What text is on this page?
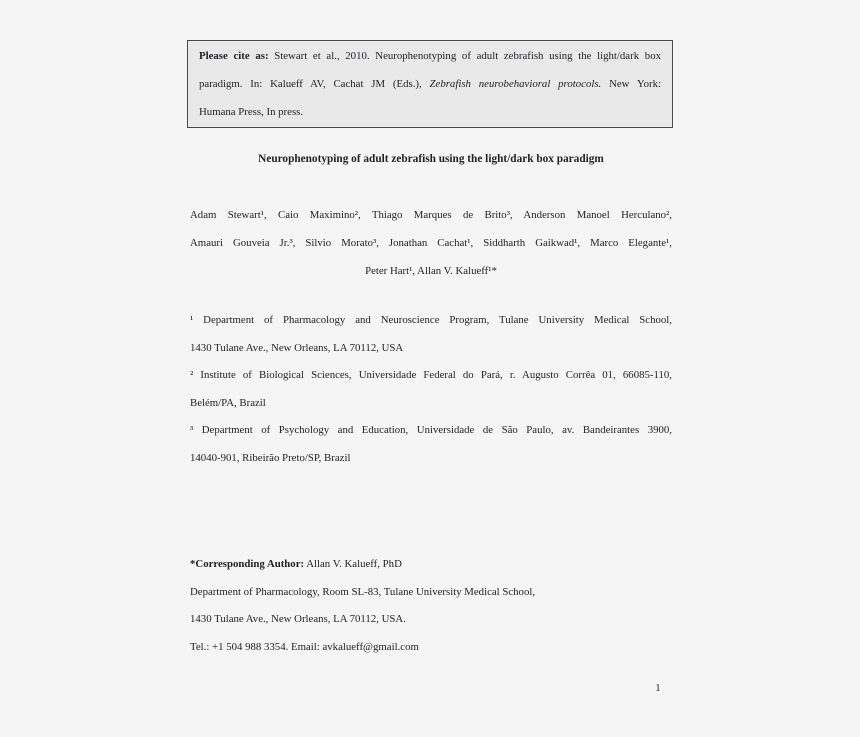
Please cite as: Stewart et al., 2010. Neurophenotyping of adult zebrafish using the light/dark box
paradigm. In: Kalueff AV, Cachat JM (Eds.), Zebrafish neurobehavioral protocols. New York:
Humana Press, In press.
Neurophenotyping of adult zebrafish using the light/dark box paradigm
Adam Stewart¹, Caio Maximino², Thiago Marques de Brito³, Anderson Manoel Herculano²,
Amauri Gouveia Jr.³, Silvio Morato³, Jonathan Cachat¹, Siddharth Gaikwad¹, Marco Elegante¹,
Peter Hart¹, Allan V. Kalueff¹*
¹ Department of Pharmacology and Neuroscience Program, Tulane University Medical School,
1430 Tulane Ave., New Orleans, LA 70112, USA
² Institute of Biological Sciences, Universidade Federal do Pará, r. Augusto Corrêa 01, 66085-110,
Belém/PA, Brazil
³ Department of Psychology and Education, Universidade de São Paulo, av. Bandeirantes 3900,
14040-901, Ribeirão Preto/SP, Brazil
*Corresponding Author: Allan V. Kalueff, PhD
Department of Pharmacology, Room SL-83, Tulane University Medical School,
1430 Tulane Ave., New Orleans, LA 70112, USA.
Tel.: +1 504 988 3354. Email: avkalueff@gmail.com
1
